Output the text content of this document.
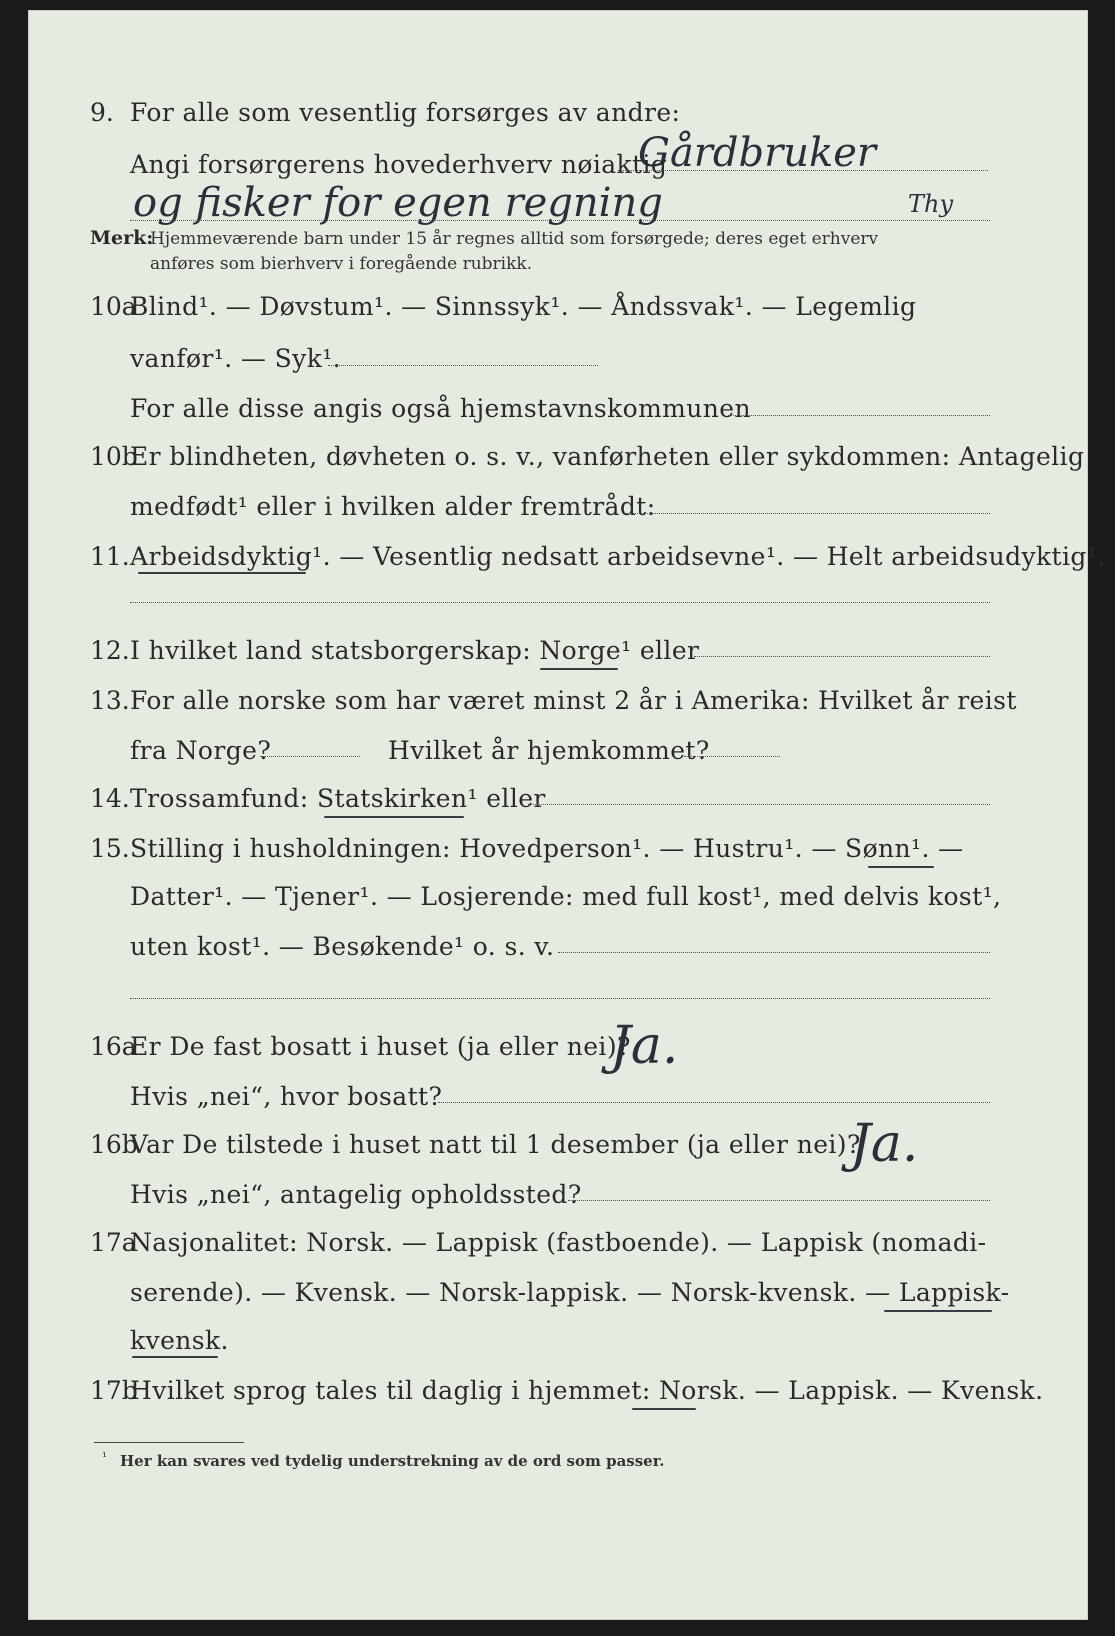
9. For alle som vesentlig forsørges av andre:
Gårdbruker
Angi forsørgerens hovederhverv nøiaktig
og fisker for egen regning	Thy
Merk:
Hjemmeværende barn under 15 år regnes alltid som forsørgede; deres eget erhverv
anføres som bierhverv i foregående rubrikk.
10a
Blind¹. — Døvstum¹. — Sinnssyk¹. — Åndssvak¹. — Legemlig
vanfør¹. — Syk¹.
For alle disse angis også hjemstavnskommunen
10b
Er blindheten, døvheten o. s. v., vanførheten eller sykdommen: Antagelig
medfødt¹ eller i hvilken alder fremtrådt:
11. Arbeidsdyktig¹. — Vesentlig nedsatt arbeidsevne¹. — Helt arbeidsudyktig¹.
12. I hvilket land statsborgerskap: Norge¹ eller
13. For alle norske som har været minst 2 år i Amerika: Hvilket år reist
fra Norge?	Hvilket år hjemkommet?
14. Trossamfund: Statskirken¹ eller
15. Stilling i husholdningen: Hovedperson¹. — Hustru¹. — Sønn¹. —
Datter¹. — Tjener¹. — Losjerende: med full kost¹, med delvis kost¹,
uten kost¹. — Besøkende¹ o. s. v.
16a
Er De fast bosatt i huset (ja eller nei)?
Ja.
Hvis „nei“, hvor bosatt?
16b
Var De tilstede i huset natt til 1 desember (ja eller nei)?
Ja.
Hvis „nei“, antagelig opholdssted?
17a
Nasjonalitet: Norsk. — Lappisk (fastboende). — Lappisk (nomadi-
serende). — Kvensk. — Norsk-lappisk. — Norsk-kvensk. — Lappisk-
kvensk.
17b
Hvilket sprog tales til daglig i hjemmet: Norsk. — Lappisk. — Kvensk.
¹ Her kan svares ved tydelig understrekning av de ord som passer.
